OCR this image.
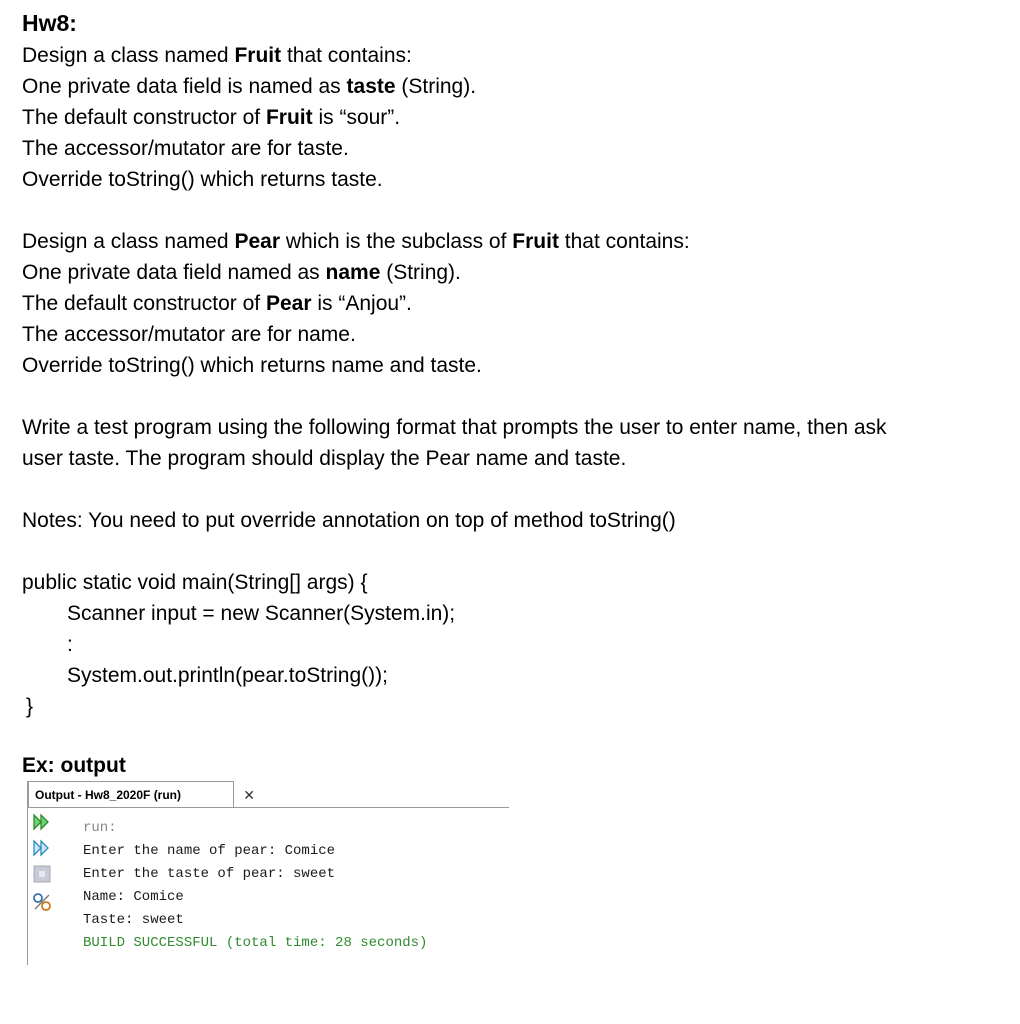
Hw8:
Design a class named Fruit that contains:
One private data field is named as taste (String).
The default constructor of Fruit is “sour”.
The accessor/mutator are for taste.
Override toString() which returns taste.
Design a class named Pear which is the subclass of Fruit that contains:
One private data field named as name (String).
The default constructor of Pear is “Anjou”.
The accessor/mutator are for name.
Override toString() which returns name and taste.
Write a test program using the following format that prompts the user to enter name, then ask
user taste. The program should display the Pear name and taste.
Notes: You need to put override annotation on top of method toString()
public static void main(String[] args) {
Scanner input = new Scanner(System.in);
:
System.out.println(pear.toString());
}
Ex: output
Output - Hw8_2020F (run)	✕
run:
Enter the name of pear: Comice
Enter the taste of pear: sweet
Name: Comice
Taste: sweet
BUILD SUCCESSFUL (total time: 28 seconds)
